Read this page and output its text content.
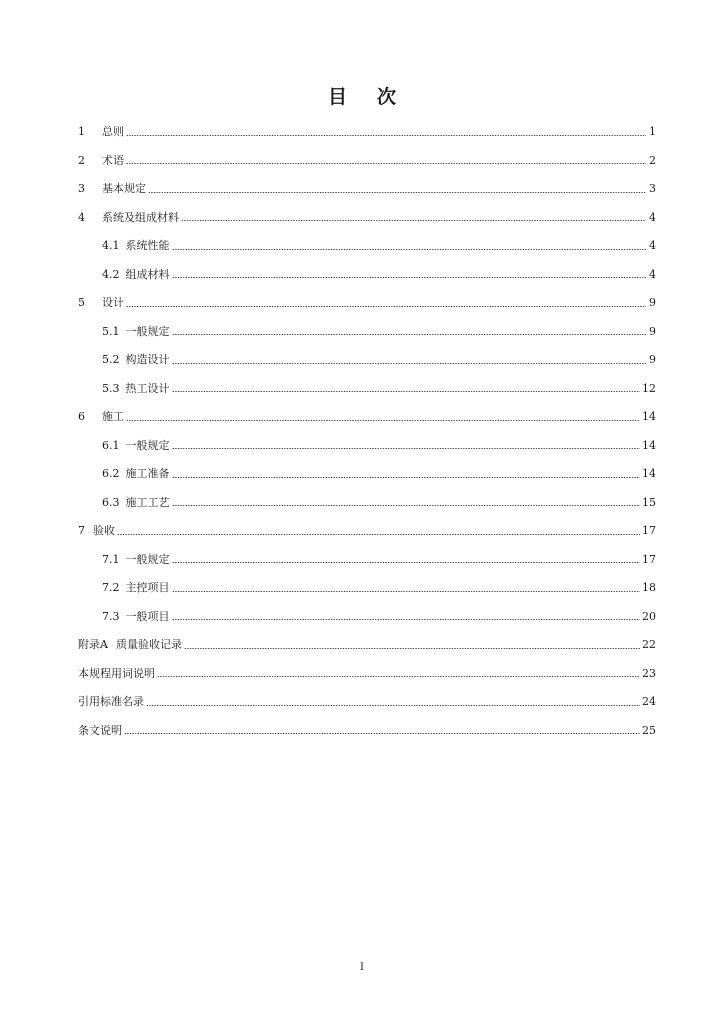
目 次
1	总则	1
2	术语	2
3	基本规定	3
4	系统及组成材料	4
4.1 系统性能	4
4.2 组成材料	4
5	设计	9
5.1 一般规定	9
5.2 构造设计	9
5.3 热工设计	12
6	施工	14
6.1 一般规定	14
6.2 施工准备	14
6.3 施工工艺	15
7 验收	17
7.1 一般规定	17
7.2 主控项目	18
7.3 一般项目	20
附录A 质量验收记录	22
本规程用词说明	23
引用标准名录	24
条文说明	25
I
